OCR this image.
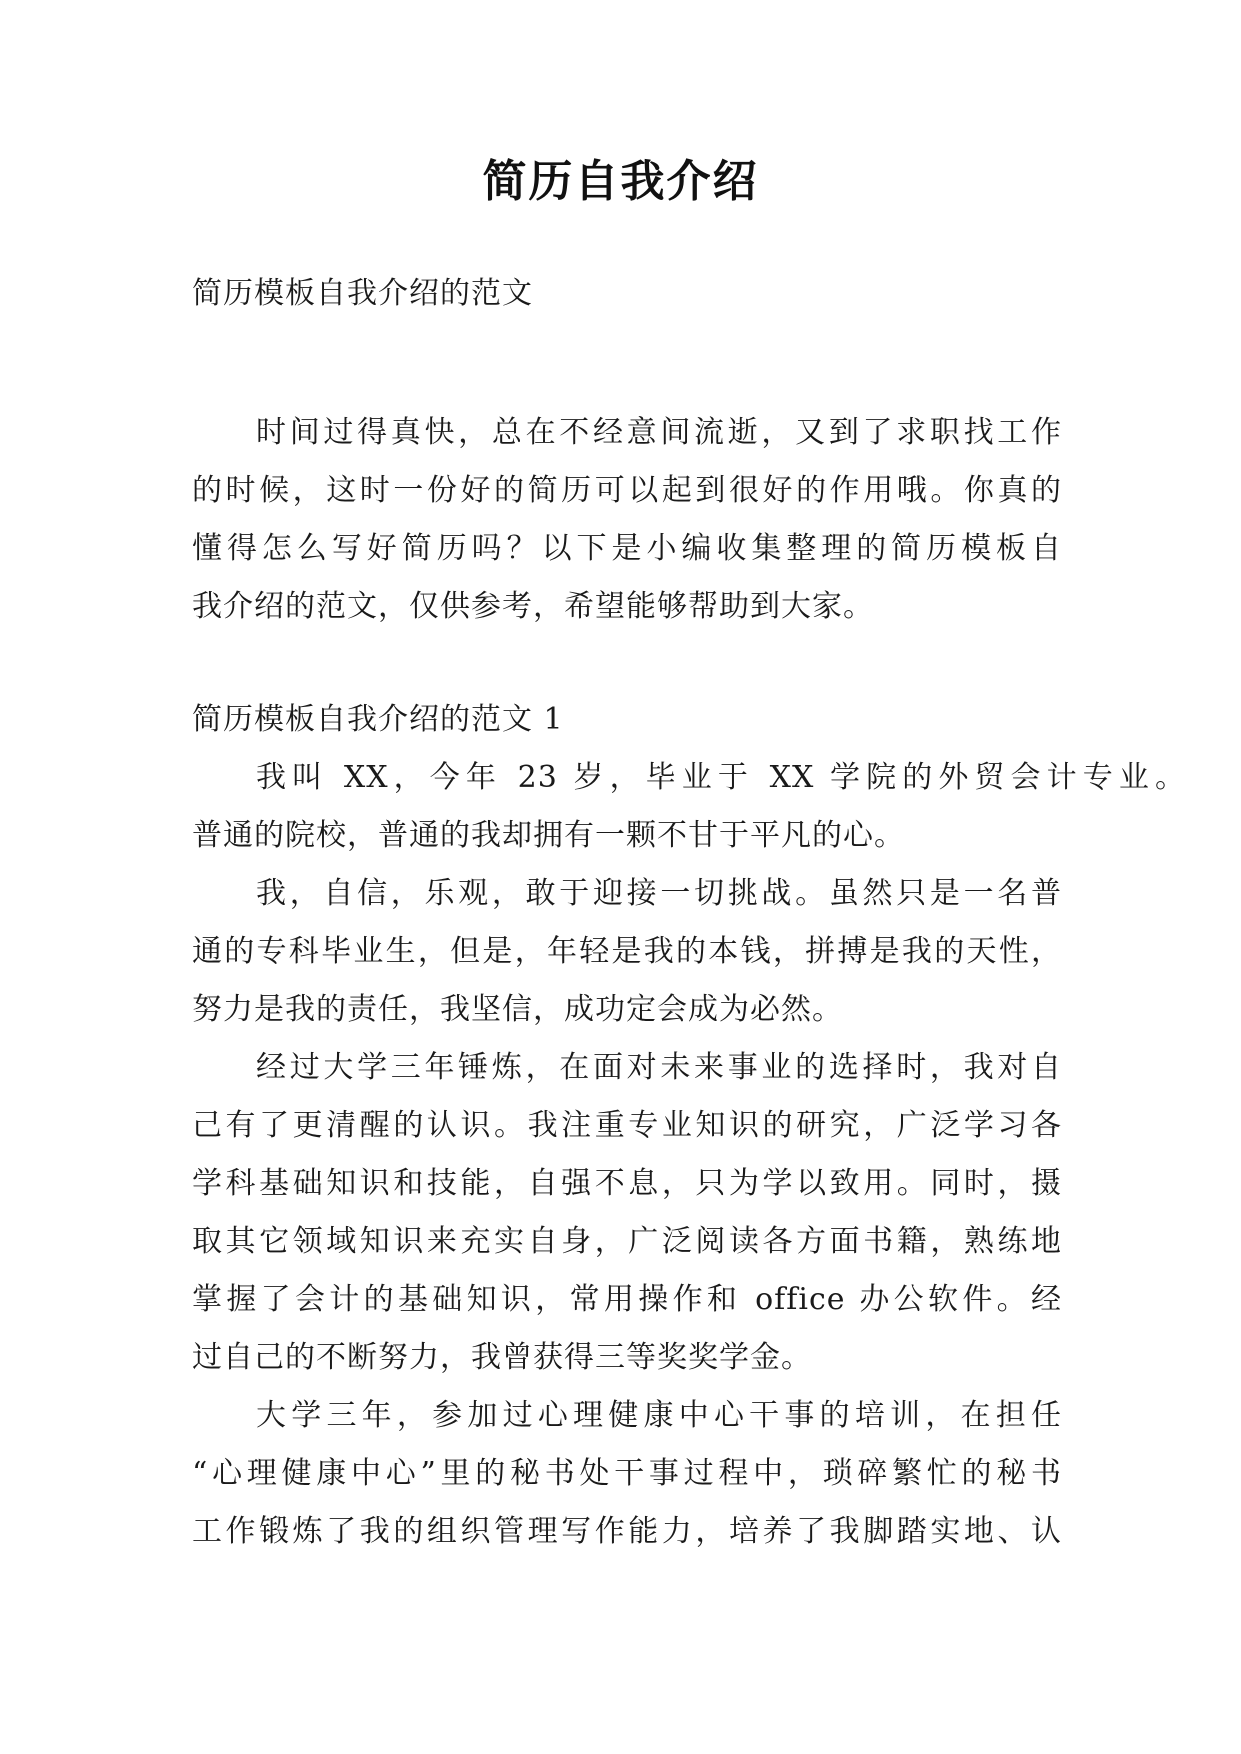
简历自我介绍
简历模板自我介绍的范文
时间过得真快，总在不经意间流逝，又到了求职找工作
的时候，这时一份好的简历可以起到很好的作用哦。你真的
懂得怎么写好简历吗？以下是小编收集整理的简历模板自
我介绍的范文，仅供参考，希望能够帮助到大家。
简历模板自我介绍的范文 1
我叫 XX，今年 23 岁，毕业于 XX 学院的外贸会计专业。
普通的院校，普通的我却拥有一颗不甘于平凡的心。
我，自信，乐观，敢于迎接一切挑战。虽然只是一名普
通的专科毕业生，但是，年轻是我的本钱，拼搏是我的天性，
努力是我的责任，我坚信，成功定会成为必然。
经过大学三年锤炼，在面对未来事业的选择时，我对自
己有了更清醒的认识。我注重专业知识的研究，广泛学习各
学科基础知识和技能，自强不息，只为学以致用。同时，摄
取其它领域知识来充实自身，广泛阅读各方面书籍，熟练地
掌握了会计的基础知识，常用操作和 office 办公软件。经
过自己的不断努力，我曾获得三等奖奖学金。
大学三年，参加过心理健康中心干事的培训，在担任
“心理健康中心”里的秘书处干事过程中，琐碎繁忙的秘书
工作锻炼了我的组织管理写作能力，培养了我脚踏实地、认
